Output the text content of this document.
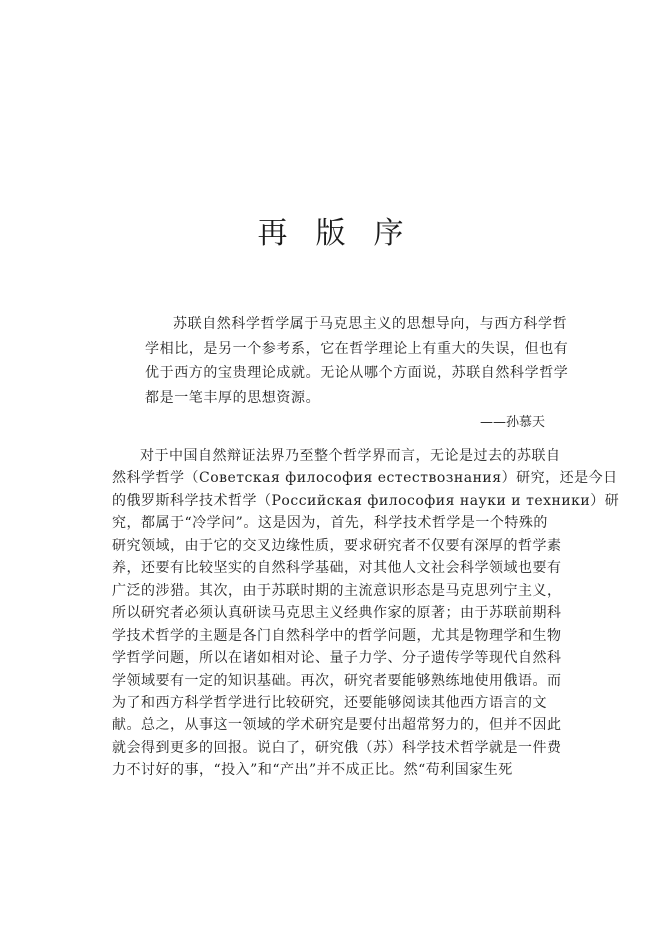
再版序
苏联自然科学哲学属于马克思主义的思想导向，与西方科学哲
学相比，是另一个参考系，它在哲学理论上有重大的失误，但也有
优于西方的宝贵理论成就。无论从哪个方面说，苏联自然科学哲学
都是一笔丰厚的思想资源。
——孙慕天
对于中国自然辩证法界乃至整个哲学界而言，无论是过去的苏联自
然科学哲学（Советская философия естествознания）研究，还是今日
的俄罗斯科学技术哲学（Российская философия науки и техники）研
究，都属于“冷学问”。这是因为，首先，科学技术哲学是一个特殊的
研究领域，由于它的交叉边缘性质，要求研究者不仅要有深厚的哲学素
养，还要有比较坚实的自然科学基础，对其他人文社会科学领域也要有
广泛的涉猎。其次，由于苏联时期的主流意识形态是马克思列宁主义，
所以研究者必须认真研读马克思主义经典作家的原著；由于苏联前期科
学技术哲学的主题是各门自然科学中的哲学问题，尤其是物理学和生物
学哲学问题，所以在诸如相对论、量子力学、分子遗传学等现代自然科
学领域要有一定的知识基础。再次，研究者要能够熟练地使用俄语。而
为了和西方科学哲学进行比较研究，还要能够阅读其他西方语言的文
献。总之，从事这一领域的学术研究是要付出超常努力的，但并不因此
就会得到更多的回报。说白了，研究俄（苏）科学技术哲学就是一件费
力不讨好的事，“投入”和“产出”并不成正比。然“苟利国家生死
